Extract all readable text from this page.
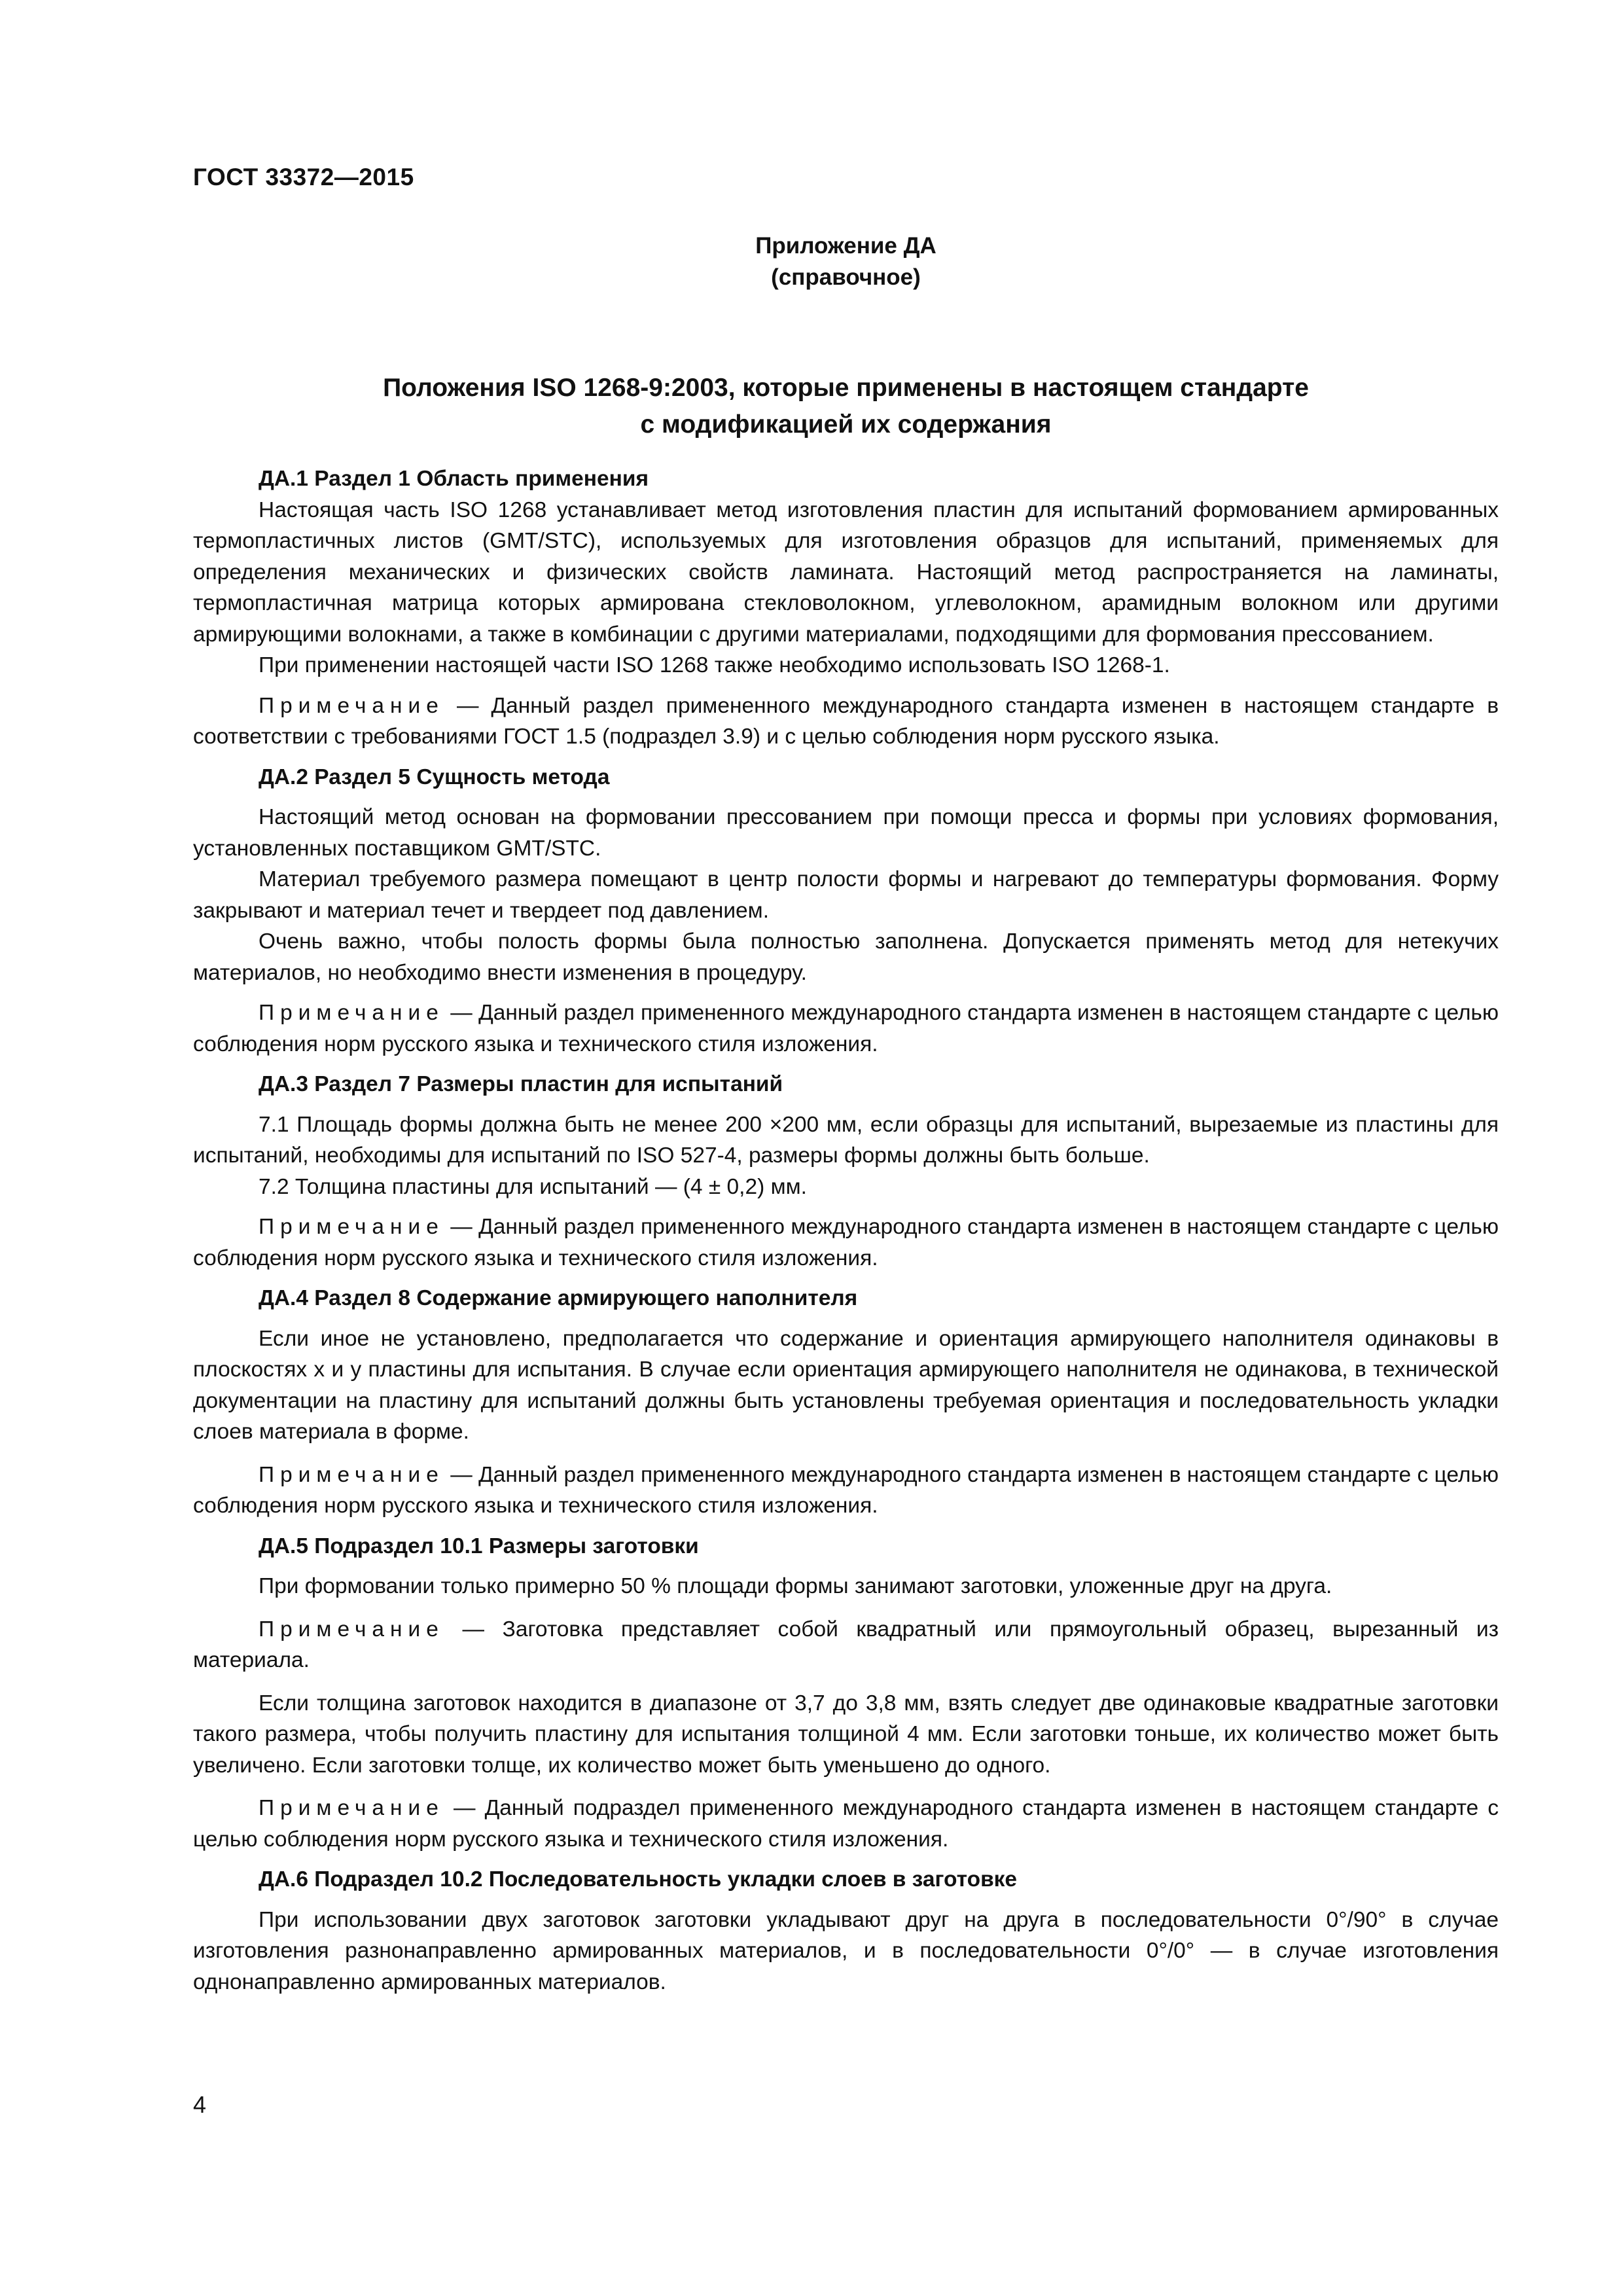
ГОСТ 33372—2015
Приложение ДА
(справочное)
Положения ISO 1268-9:2003, которые применены в настоящем стандарте
с модификацией их содержания
ДА.1 Раздел 1 Область применения

Настоящая часть ISO 1268 устанавливает метод изготовления пластин для испытаний формованием армированных термопластичных листов (GMT/STC), используемых для изготовления образцов для испытаний, применяемых для определения механических и физических свойств ламината. Настоящий метод распространяется на ламинаты, термопластичная матрица которых армирована стекловолокном, углеволокном, арамидным волокном или другими армирующими волокнами, а также в комбинации с другими материалами, подходящими для формования прессованием.

При применении настоящей части ISO 1268 также необходимо использовать ISO 1268-1.

Примечание — Данный раздел примененного международного стандарта изменен в настоящем стандарте в соответствии с требованиями ГОСТ 1.5 (подраздел 3.9) и с целью соблюдения норм русского языка.

ДА.2 Раздел 5 Сущность метода

Настоящий метод основан на формовании прессованием при помощи пресса и формы при условиях формования, установленных поставщиком GMT/STC.

Материал требуемого размера помещают в центр полости формы и нагревают до температуры формования. Форму закрывают и материал течет и твердеет под давлением.

Очень важно, чтобы полость формы была полностью заполнена. Допускается применять метод для нетекучих материалов, но необходимо внести изменения в процедуру.

Примечание — Данный раздел примененного международного стандарта изменен в настоящем стандарте с целью соблюдения норм русского языка и технического стиля изложения.

ДА.3 Раздел 7 Размеры пластин для испытаний

7.1 Площадь формы должна быть не менее 200 ×200 мм, если образцы для испытаний, вырезаемые из пластины для испытаний, необходимы для испытаний по ISO 527-4, размеры формы должны быть больше.

7.2 Толщина пластины для испытаний — (4 ± 0,2) мм.

Примечание — Данный раздел примененного международного стандарта изменен в настоящем стандарте с целью соблюдения норм русского языка и технического стиля изложения.

ДА.4 Раздел 8 Содержание армирующего наполнителя

Если иное не установлено, предполагается что содержание и ориентация армирующего наполнителя одинаковы в плоскостях x и y пластины для испытания. В случае если ориентация армирующего наполнителя не одинакова, в технической документации на пластину для испытаний должны быть установлены требуемая ориентация и последовательность укладки слоев материала в форме.

Примечание — Данный раздел примененного международного стандарта изменен в настоящем стандарте с целью соблюдения норм русского языка и технического стиля изложения.

ДА.5 Подраздел 10.1 Размеры заготовки

При формовании только примерно 50 % площади формы занимают заготовки, уложенные друг на друга.

Примечание — Заготовка представляет собой квадратный или прямоугольный образец, вырезанный из материала.

Если толщина заготовок находится в диапазоне от 3,7 до 3,8 мм, взять следует две одинаковые квадратные заготовки такого размера, чтобы получить пластину для испытания толщиной 4 мм. Если заготовки тоньше, их количество может быть увеличено. Если заготовки толще, их количество может быть уменьшено до одного.

Примечание — Данный подраздел примененного международного стандарта изменен в настоящем стандарте с целью соблюдения норм русского языка и технического стиля изложения.

ДА.6 Подраздел 10.2 Последовательность укладки слоев в заготовке

При использовании двух заготовок заготовки укладывают друг на друга в последовательности 0°/90° в случае изготовления разнонаправленно армированных материалов, и в последовательности 0°/0° — в случае изготовления однонаправленно армированных материалов.

4
